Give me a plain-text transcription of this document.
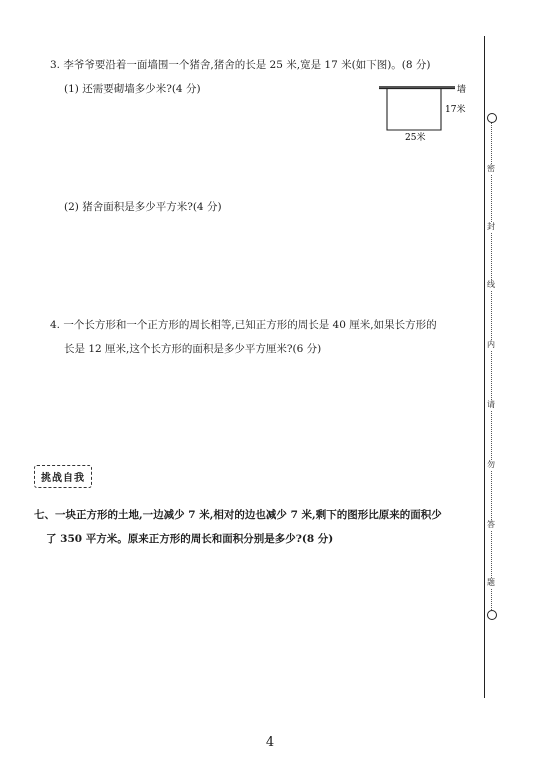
3. 李爷爷要沿着一面墙围一个猪舍,猪舍的长是 25 米,宽是 17 米(如下图)。(8 分)
(1) 还需要砌墙多少米?(4 分)	墙
17米
25米
(2) 猪舍面积是多少平方米?(4 分)
4. 一个长方形和一个正方形的周长相等,已知正方形的周长是 40 厘米,如果长方形的
长是 12 厘米,这个长方形的面积是多少平方厘米?(6 分)
挑战自我
七、一块正方形的土地,一边减少 7 米,相对的边也减少 7 米,剩下的图形比原来的面积少
了 350 平方米。原来正方形的周长和面积分别是多少?(8 分)
密
封
线
内
请
勿
答
题
4
